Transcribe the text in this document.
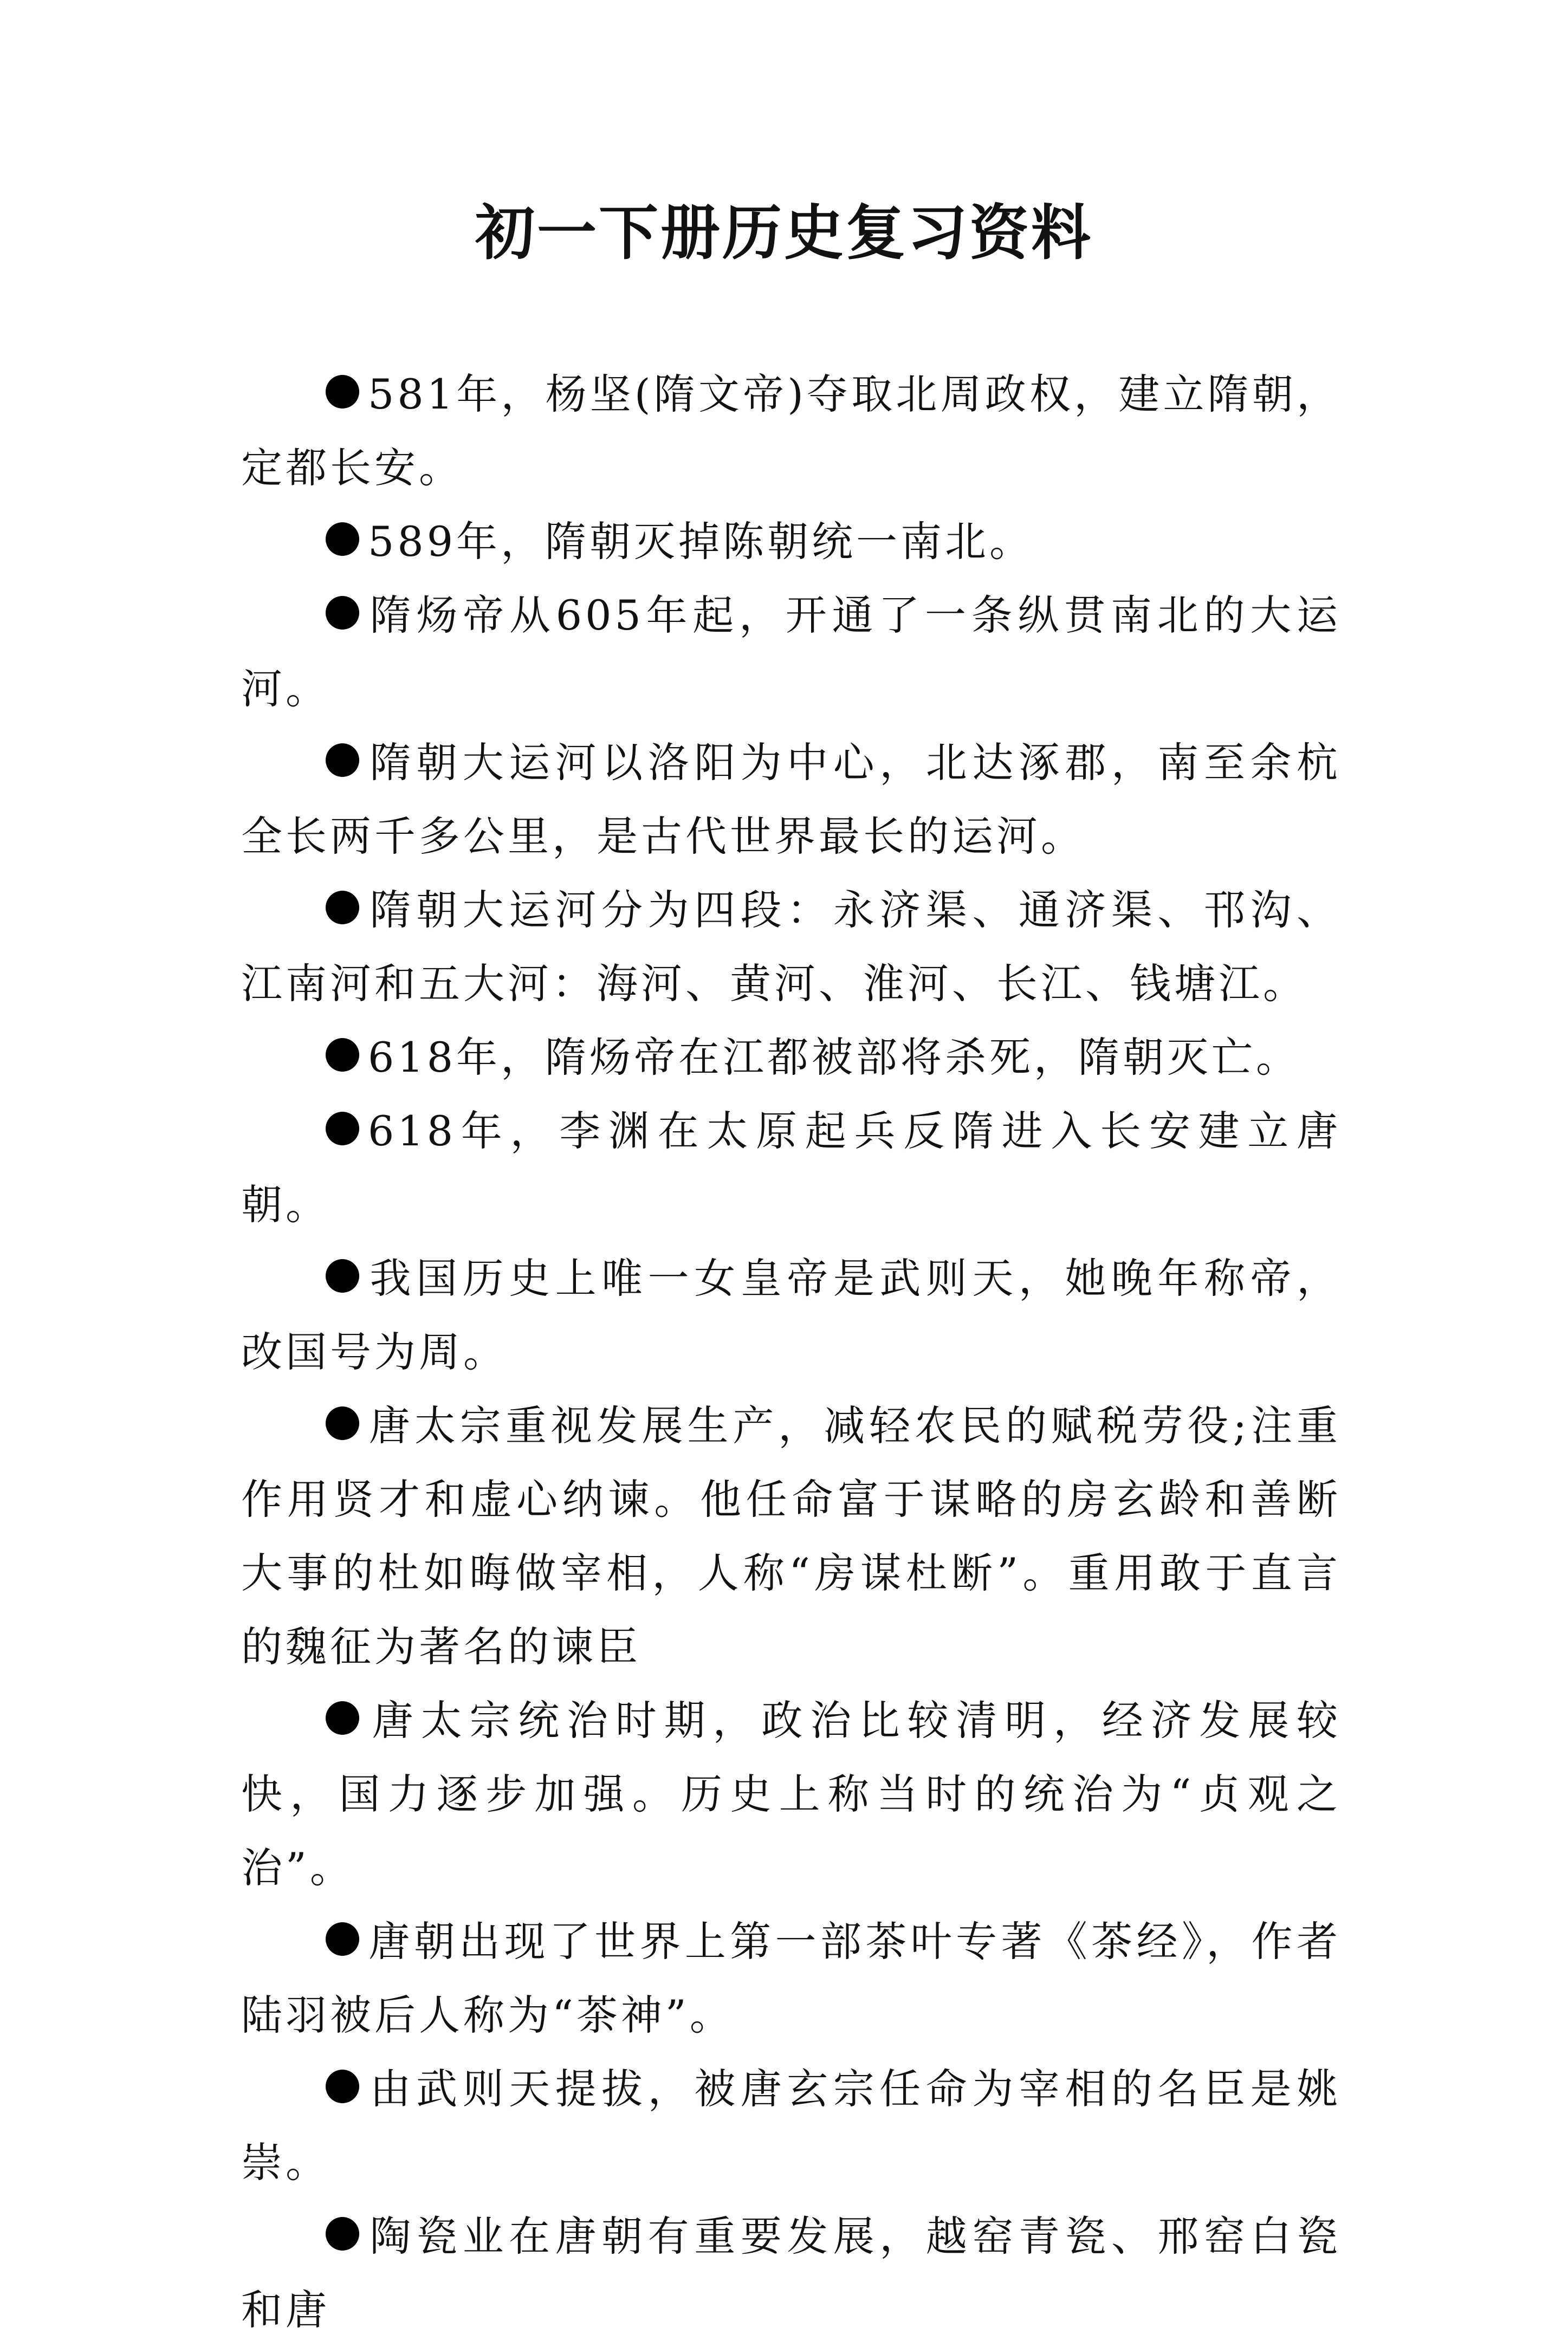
初一下册历史复习资料

581年，杨坚(隋文帝)夺取北周政权，建立隋朝，定都长安。

589年，隋朝灭掉陈朝统一南北。

隋炀帝从605年起，开通了一条纵贯南北的大运河。

隋朝大运河以洛阳为中心，北达涿郡，南至余杭全长两千多公里，是古代世界最长的运河。

隋朝大运河分为四段：永济渠、通济渠、邗沟、江南河和五大河：海河、黄河、淮河、长江、钱塘江。

618年，隋炀帝在江都被部将杀死，隋朝灭亡。

618年，李渊在太原起兵反隋进入长安建立唐朝。

我国历史上唯一女皇帝是武则天，她晚年称帝，改国号为周。

唐太宗重视发展生产，减轻农民的赋税劳役;注重作用贤才和虚心纳谏。他任命富于谋略的房玄龄和善断大事的杜如晦做宰相，人称“房谋杜断”。重用敢于直言的魏征为著名的谏臣

唐太宗统治时期，政治比较清明，经济发展较快，国力逐步加强。历史上称当时的统治为“贞观之治”。

唐朝出现了世界上第一部茶叶专著《茶经》，作者陆羽被后人称为“茶神”。

由武则天提拔，被唐玄宗任命为宰相的名臣是姚崇。

陶瓷业在唐朝有重要发展，越窑青瓷、邢窑白瓷和唐
